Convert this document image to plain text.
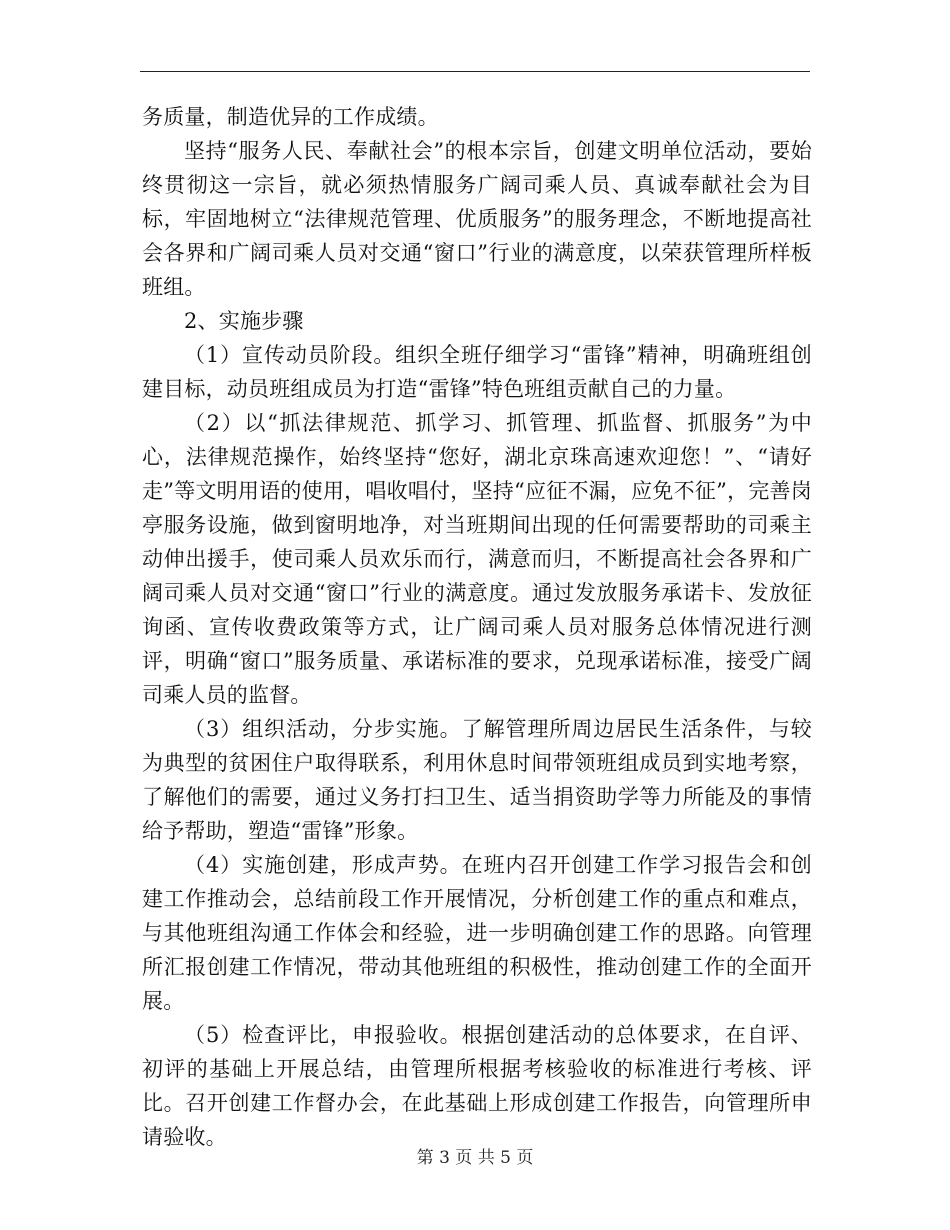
务质量，制造优异的工作成绩。

坚持“服务人民、奉献社会”的根本宗旨，创建文明单位活动，要始终贯彻这一宗旨，就必须热情服务广阔司乘人员、真诚奉献社会为目标，牢固地树立“法律规范管理、优质服务”的服务理念，不断地提高社会各界和广阔司乘人员对交通“窗口”行业的满意度，以荣获管理所样板班组。

2、实施步骤

（1）宣传动员阶段。组织全班仔细学习“雷锋”精神，明确班组创建目标，动员班组成员为打造“雷锋”特色班组贡献自己的力量。

（2）以“抓法律规范、抓学习、抓管理、抓监督、抓服务”为中心，法律规范操作，始终坚持“您好，湖北京珠高速欢迎您！”、“请好走”等文明用语的使用，唱收唱付，坚持“应征不漏，应免不征”，完善岗亭服务设施，做到窗明地净，对当班期间出现的任何需要帮助的司乘主动伸出援手，使司乘人员欢乐而行，满意而归，不断提高社会各界和广阔司乘人员对交通“窗口”行业的满意度。通过发放服务承诺卡、发放征询函、宣传收费政策等方式，让广阔司乘人员对服务总体情况进行测评，明确“窗口”服务质量、承诺标准的要求，兑现承诺标准，接受广阔司乘人员的监督。

（3）组织活动，分步实施。了解管理所周边居民生活条件，与较为典型的贫困住户取得联系，利用休息时间带领班组成员到实地考察，了解他们的需要，通过义务打扫卫生、适当捐资助学等力所能及的事情给予帮助，塑造“雷锋”形象。

（4）实施创建，形成声势。在班内召开创建工作学习报告会和创建工作推动会，总结前段工作开展情况，分析创建工作的重点和难点，与其他班组沟通工作体会和经验，进一步明确创建工作的思路。向管理所汇报创建工作情况，带动其他班组的积极性，推动创建工作的全面开展。

（5）检查评比，申报验收。根据创建活动的总体要求，在自评、初评的基础上开展总结，由管理所根据考核验收的标准进行考核、评比。召开创建工作督办会，在此基础上形成创建工作报告，向管理所申请验收。

第 3 页 共 5 页
